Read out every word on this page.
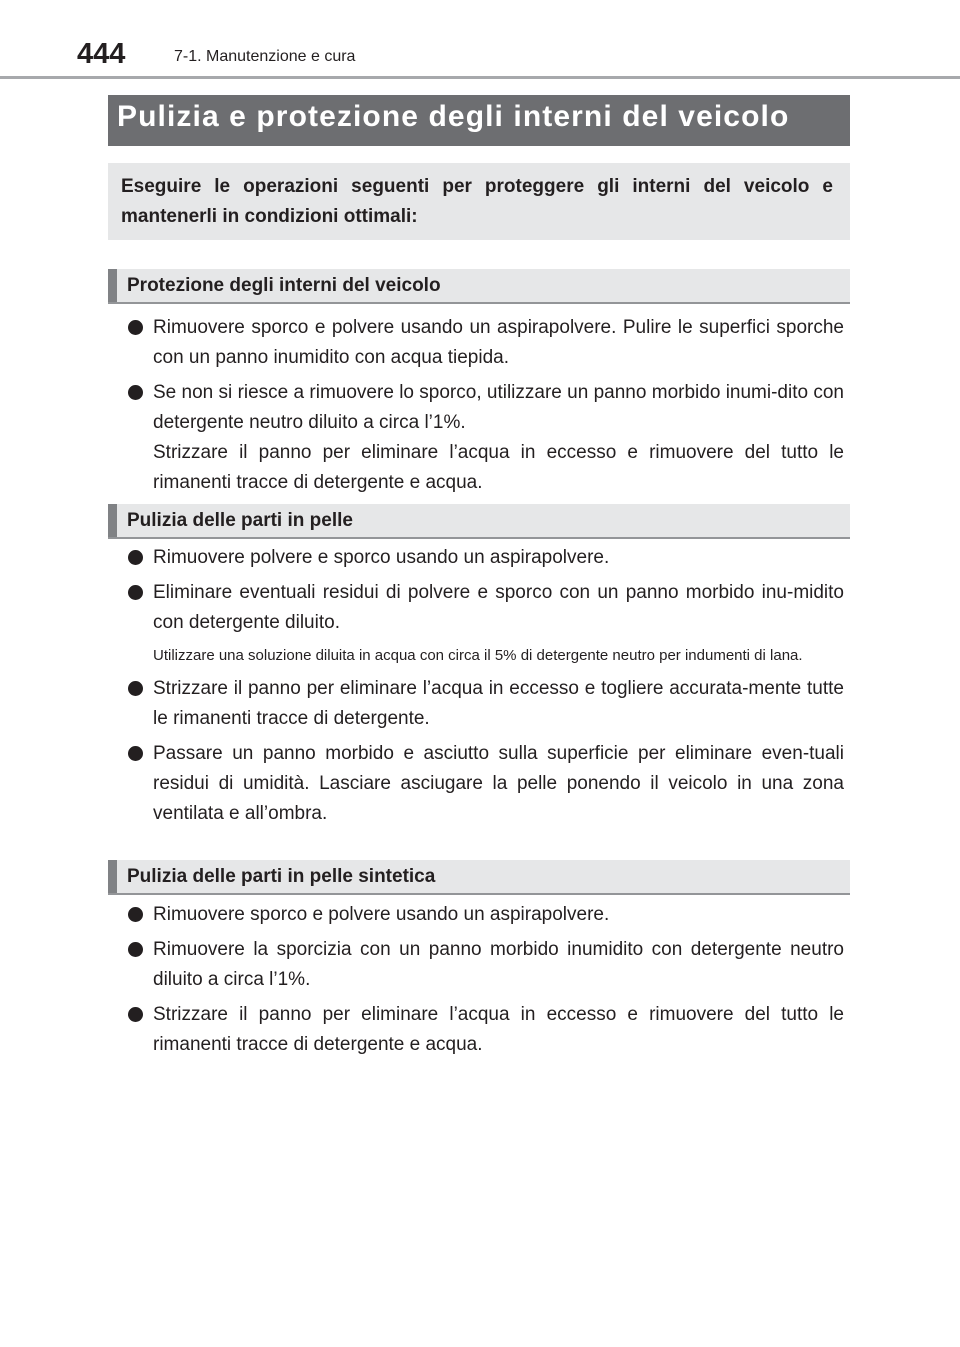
444	7-1. Manutenzione e cura
Pulizia e protezione degli interni del veicolo
Eseguire le operazioni seguenti per proteggere gli interni del veicolo e mantenerli in condizioni ottimali:
Protezione degli interni del veicolo
Rimuovere sporco e polvere usando un aspirapolvere. Pulire le superfici sporche con un panno inumidito con acqua tiepida.
Se non si riesce a rimuovere lo sporco, utilizzare un panno morbido inumi-dito con detergente neutro diluito a circa l’1%.
Strizzare il panno per eliminare l’acqua in eccesso e rimuovere del tutto le rimanenti tracce di detergente e acqua.
Pulizia delle parti in pelle
Rimuovere polvere e sporco usando un aspirapolvere.
Eliminare eventuali residui di polvere e sporco con un panno morbido inu-midito con detergente diluito.
Utilizzare una soluzione diluita in acqua con circa il 5% di detergente neutro per indumenti di lana.
Strizzare il panno per eliminare l’acqua in eccesso e togliere accurata-mente tutte le rimanenti tracce di detergente.
Passare un panno morbido e asciutto sulla superficie per eliminare even-tuali residui di umidità. Lasciare asciugare la pelle ponendo il veicolo in una zona ventilata e all’ombra.
Pulizia delle parti in pelle sintetica
Rimuovere sporco e polvere usando un aspirapolvere.
Rimuovere la sporcizia con un panno morbido inumidito con detergente neutro diluito a circa l’1%.
Strizzare il panno per eliminare l’acqua in eccesso e rimuovere del tutto le rimanenti tracce di detergente e acqua.
